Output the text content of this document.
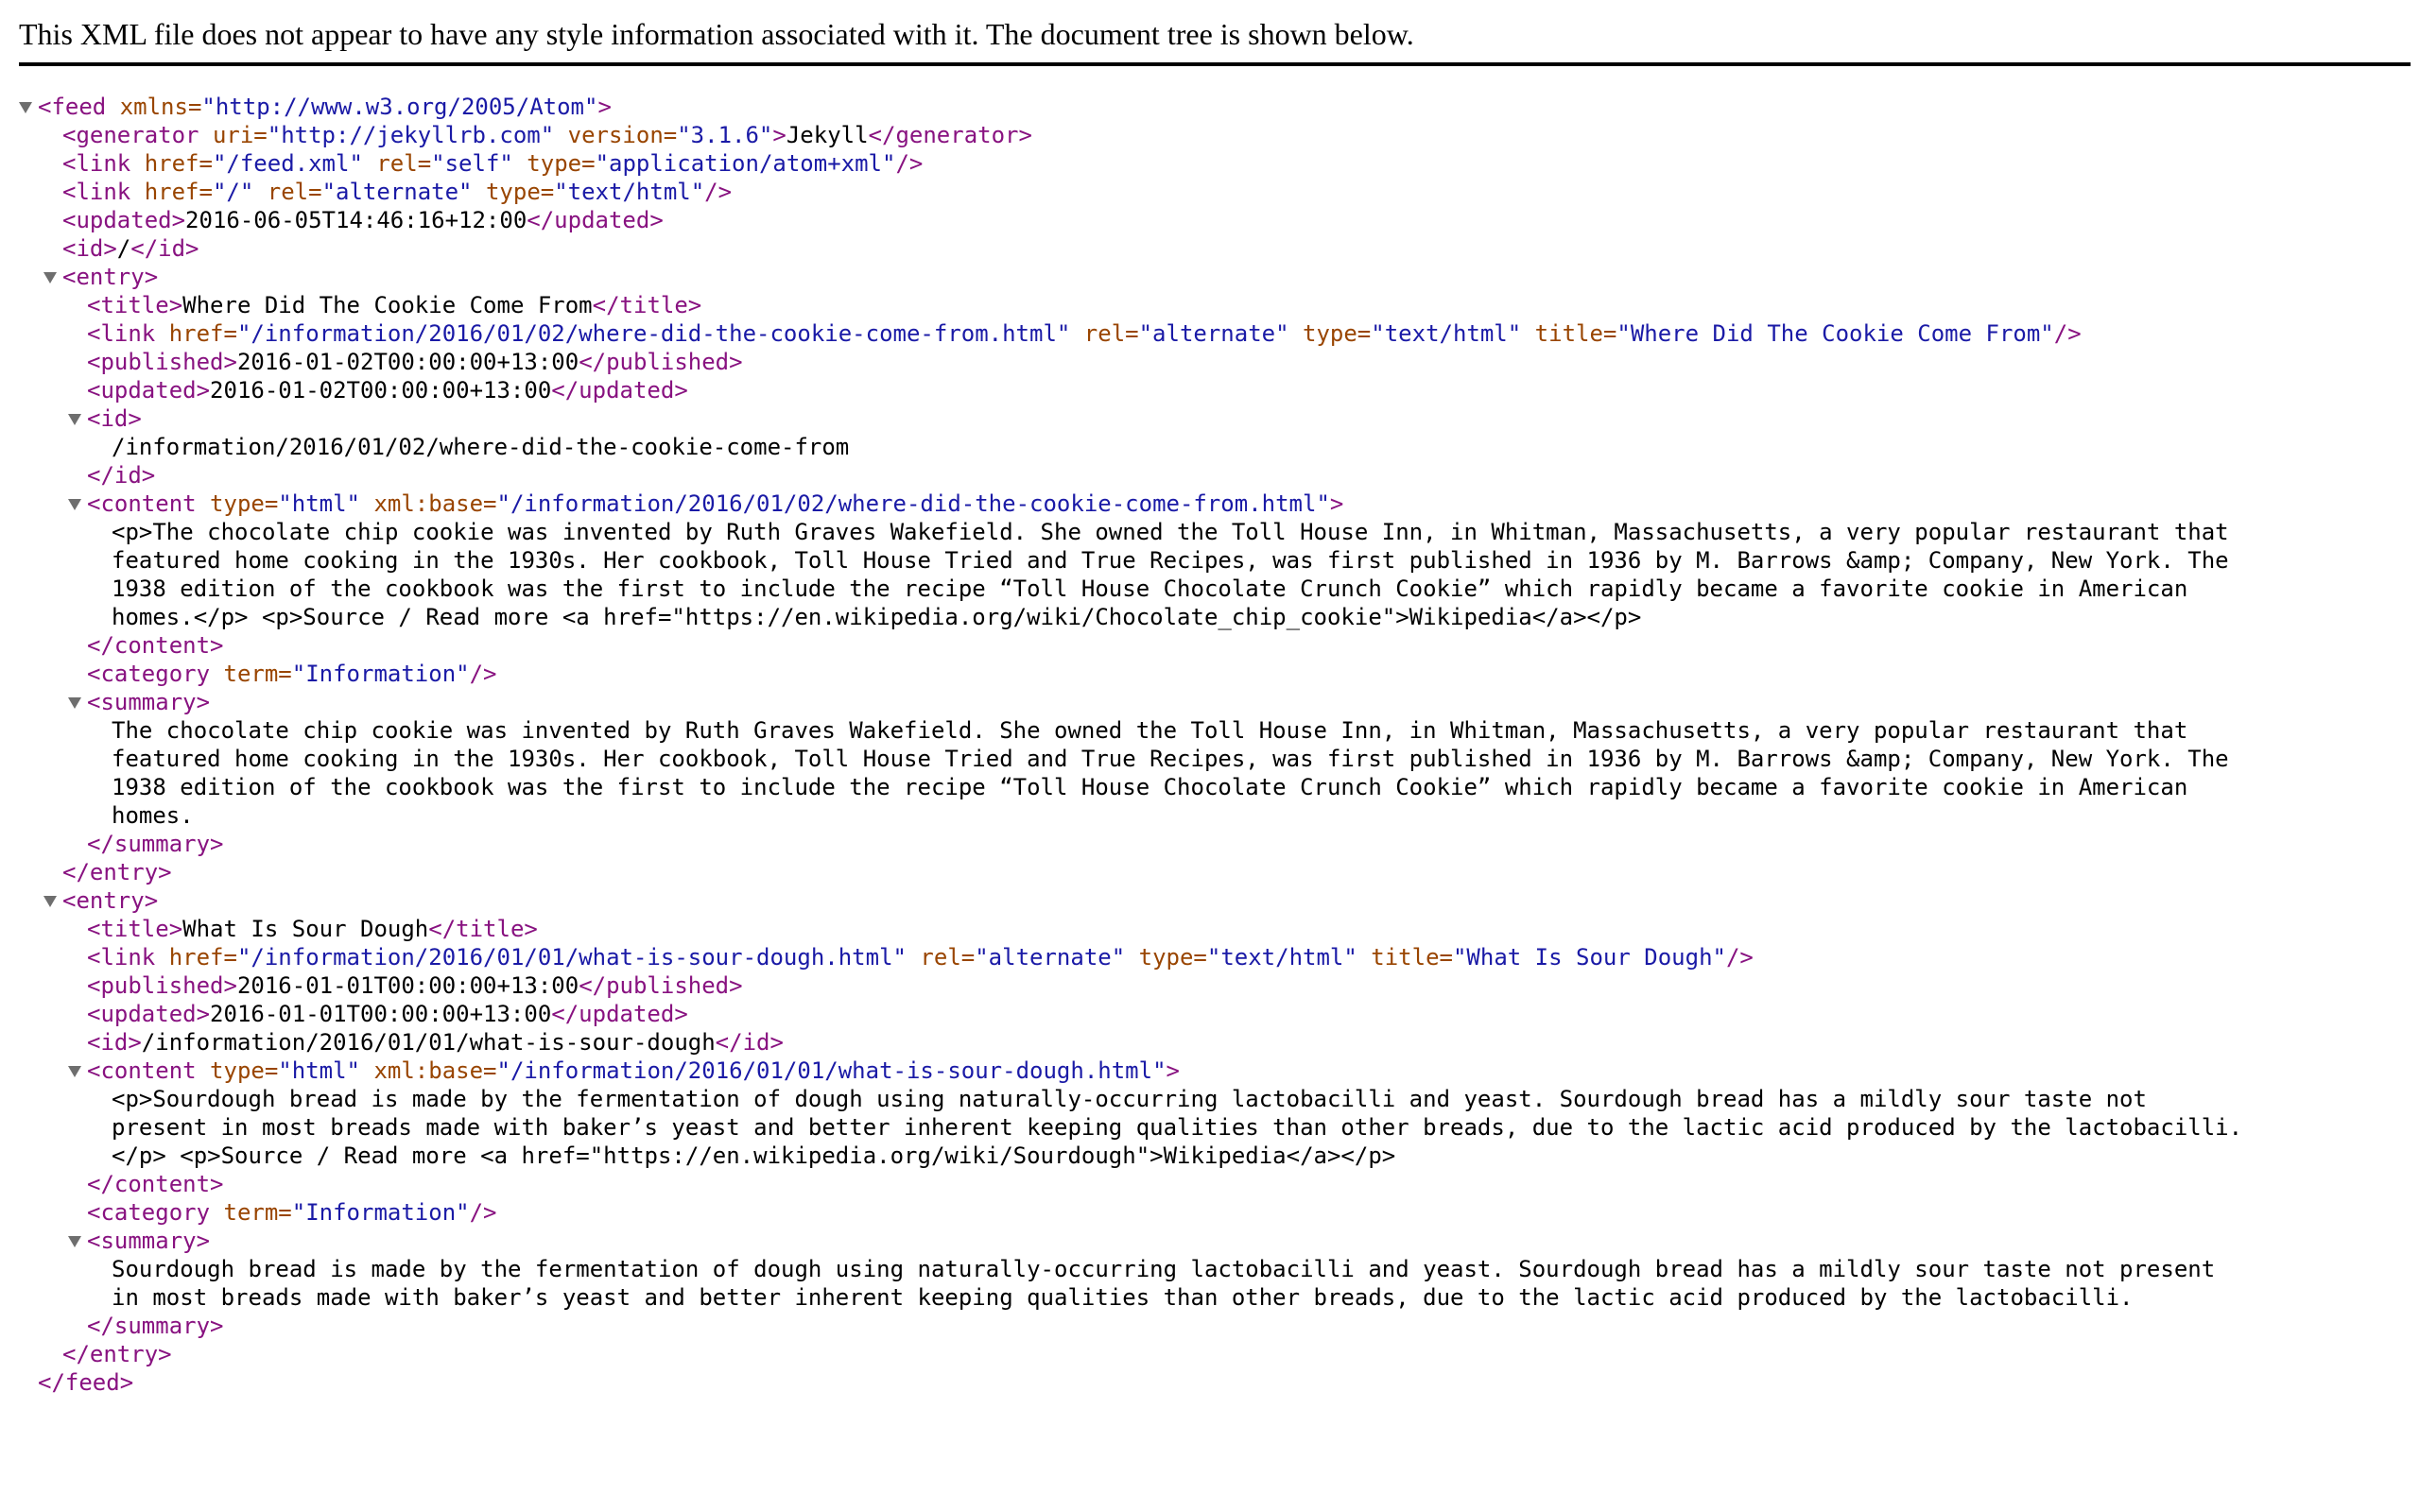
This XML file does not appear to have any style information associated with it. The document tree is shown below.
<feed xmlns="http://www.w3.org/2005/Atom">
<generator uri="http://jekyllrb.com" version="3.1.6">Jekyll</generator>
<link href="/feed.xml" rel="self" type="application/atom+xml"/>
<link href="/" rel="alternate" type="text/html"/>
<updated>2016-06-05T14:46:16+12:00</updated>
<id>/</id>
<entry>
<title>Where Did The Cookie Come From</title>
<link href="/information/2016/01/02/where-did-the-cookie-come-from.html" rel="alternate" type="text/html" title="Where Did The Cookie Come From"/>
<published>2016-01-02T00:00:00+13:00</published>
<updated>2016-01-02T00:00:00+13:00</updated>
<id>
/information/2016/01/02/where-did-the-cookie-come-from
</id>
<content type="html" xml:base="/information/2016/01/02/where-did-the-cookie-come-from.html">
<p>The chocolate chip cookie was invented by Ruth Graves Wakefield. She owned the Toll House Inn, in Whitman, Massachusetts, a very popular restaurant that
featured home cooking in the 1930s. Her cookbook, Toll House Tried and True Recipes, was first published in 1936 by M. Barrows &amp; Company, New York. The
1938 edition of the cookbook was the first to include the recipe “Toll House Chocolate Crunch Cookie” which rapidly became a favorite cookie in American
homes.</p> <p>Source / Read more <a href="https://en.wikipedia.org/wiki/Chocolate_chip_cookie">Wikipedia</a></p>
</content>
<category term="Information"/>
<summary>
The chocolate chip cookie was invented by Ruth Graves Wakefield. She owned the Toll House Inn, in Whitman, Massachusetts, a very popular restaurant that
featured home cooking in the 1930s. Her cookbook, Toll House Tried and True Recipes, was first published in 1936 by M. Barrows &amp; Company, New York. The
1938 edition of the cookbook was the first to include the recipe “Toll House Chocolate Crunch Cookie” which rapidly became a favorite cookie in American
homes.
</summary>
</entry>
<entry>
<title>What Is Sour Dough</title>
<link href="/information/2016/01/01/what-is-sour-dough.html" rel="alternate" type="text/html" title="What Is Sour Dough"/>
<published>2016-01-01T00:00:00+13:00</published>
<updated>2016-01-01T00:00:00+13:00</updated>
<id>/information/2016/01/01/what-is-sour-dough</id>
<content type="html" xml:base="/information/2016/01/01/what-is-sour-dough.html">
<p>Sourdough bread is made by the fermentation of dough using naturally-occurring lactobacilli and yeast. Sourdough bread has a mildly sour taste not
present in most breads made with baker’s yeast and better inherent keeping qualities than other breads, due to the lactic acid produced by the lactobacilli.
</p> <p>Source / Read more <a href="https://en.wikipedia.org/wiki/Sourdough">Wikipedia</a></p>
</content>
<category term="Information"/>
<summary>
Sourdough bread is made by the fermentation of dough using naturally-occurring lactobacilli and yeast. Sourdough bread has a mildly sour taste not present
in most breads made with baker’s yeast and better inherent keeping qualities than other breads, due to the lactic acid produced by the lactobacilli.
</summary>
</entry>
</feed>
